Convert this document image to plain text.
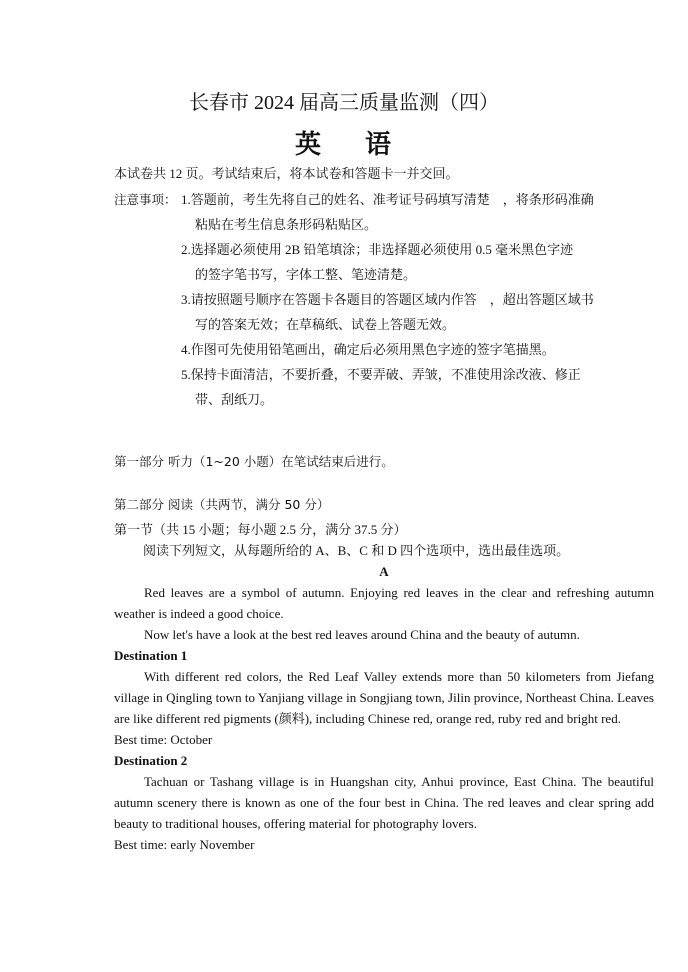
长春市 2024 届高三质量监测（四）
英 语
本试卷共 12 页。考试结束后，将本试卷和答题卡一并交回。
注意事项： 1.答题前，考生先将自己的姓名、准考证号码填写清楚　，将条形码准确
粘贴在考生信息条形码粘贴区。
2.选择题必须使用 2B 铅笔填涂；非选择题必须使用 0.5 毫米黑色字迹
的签字笔书写，字体工整、笔迹清楚。
3.请按照题号顺序在答题卡各题目的答题区域内作答　，超出答题区域书
写的答案无效；在草稿纸、试卷上答题无效。
4.作图可先使用铅笔画出，确定后必须用黑色字迹的签字笔描黑。
5.保持卡面清洁，不要折叠，不要弄破、弄皱，不准使用涂改液、修正
带、刮纸刀。
第一部分 听力（1~20 小题）在笔试结束后进行。
第二部分 阅读（共两节，满分 50 分）
第一节（共 15 小题；每小题 2.5 分，满分 37.5 分）
阅读下列短文，从每题所给的 A、B、C 和 D 四个选项中，选出最佳选项。

A

Red leaves are a symbol of autumn. Enjoying red leaves in the clear and refreshing autumn weather is indeed a good choice.

Now let's have a look at the best red leaves around China and the beauty of autumn.

Destination 1

With different red colors, the Red Leaf Valley extends more than 50 kilometers from Jiefang village in Qingling town to Yanjiang village in Songjiang town, Jilin province, Northeast China. Leaves are like different red pigments (颜料), including Chinese red, orange red, ruby red and bright red.

Best time: October

Destination 2

Tachuan or Tashang village is in Huangshan city, Anhui province, East China. The beautiful autumn scenery there is known as one of the four best in China. The red leaves and clear spring add beauty to traditional houses, offering material for photography lovers.

Best time: early November
